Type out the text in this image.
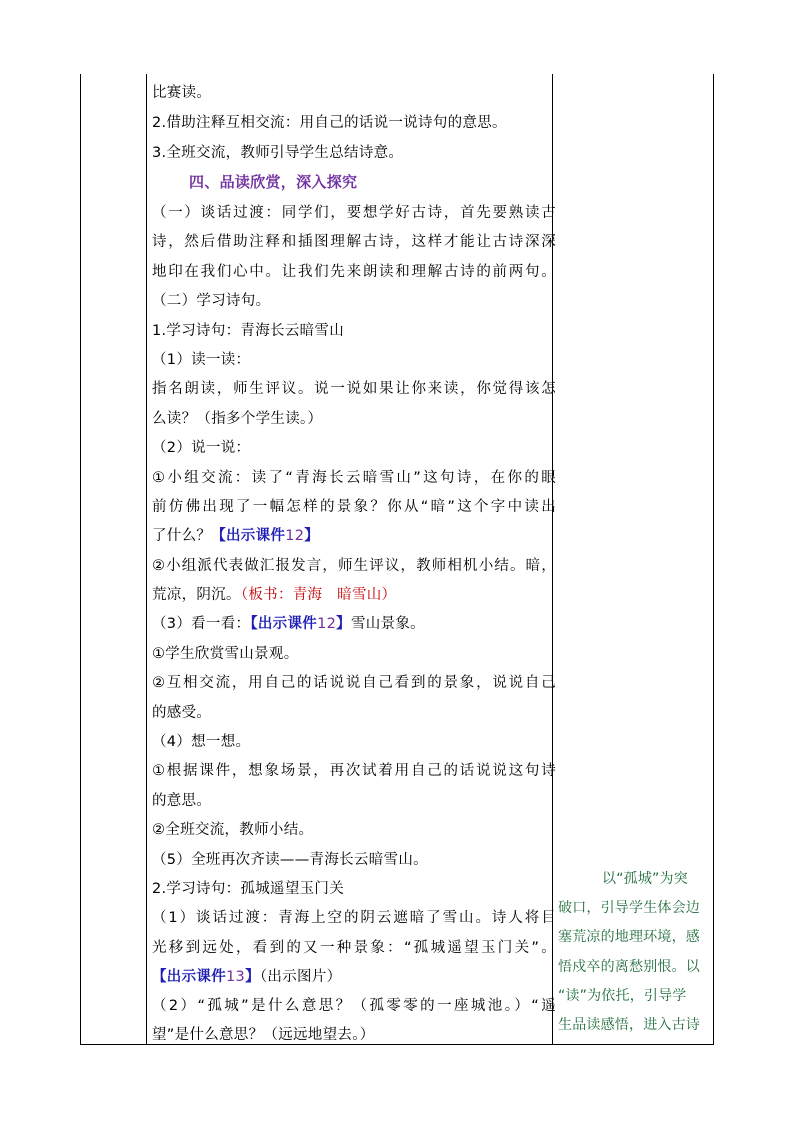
比赛读。
2.借助注释互相交流：用自己的话说一说诗句的意思。
3.全班交流，教师引导学生总结诗意。
四、品读欣赏，深入探究
（一）谈话过渡：同学们，要想学好古诗，首先要熟读古
诗，然后借助注释和插图理解古诗，这样才能让古诗深深
地印在我们心中。让我们先来朗读和理解古诗的前两句。
（二）学习诗句。
1.学习诗句：青海长云暗雪山
（1）读一读：
指名朗读，师生评议。说一说如果让你来读，你觉得该怎
么读？（指多个学生读。）
（2）说一说：
①小组交流：读了“青海长云暗雪山”这句诗，在你的眼
前仿佛出现了一幅怎样的景象？你从“暗”这个字中读出
了什么？【出示课件12】
②小组派代表做汇报发言，师生评议，教师相机小结。暗，
荒凉，阴沉。（板书：青海　暗雪山）
（3）看一看：【出示课件12】雪山景象。
①学生欣赏雪山景观。
②互相交流，用自己的话说说自己看到的景象，说说自己
的感受。
（4）想一想。
①根据课件，想象场景，再次试着用自己的话说说这句诗
的意思。
②全班交流，教师小结。
（5）全班再次齐读——青海长云暗雪山。
2.学习诗句：孤城遥望玉门关
（1）谈话过渡：青海上空的阴云遮暗了雪山。诗人将目
光移到远处，看到的又一种景象：“孤城遥望玉门关”。
【出示课件13】（出示图片）
（2）“孤城”是什么意思？（孤零零的一座城池。）“遥
望”是什么意思？（远远地望去。）
以“孤城”为突
破口，引导学生体会边
塞荒凉的地理环境，感
悟戍卒的离愁别恨。以
“读”为依托，引导学
生品读感悟，进入古诗
